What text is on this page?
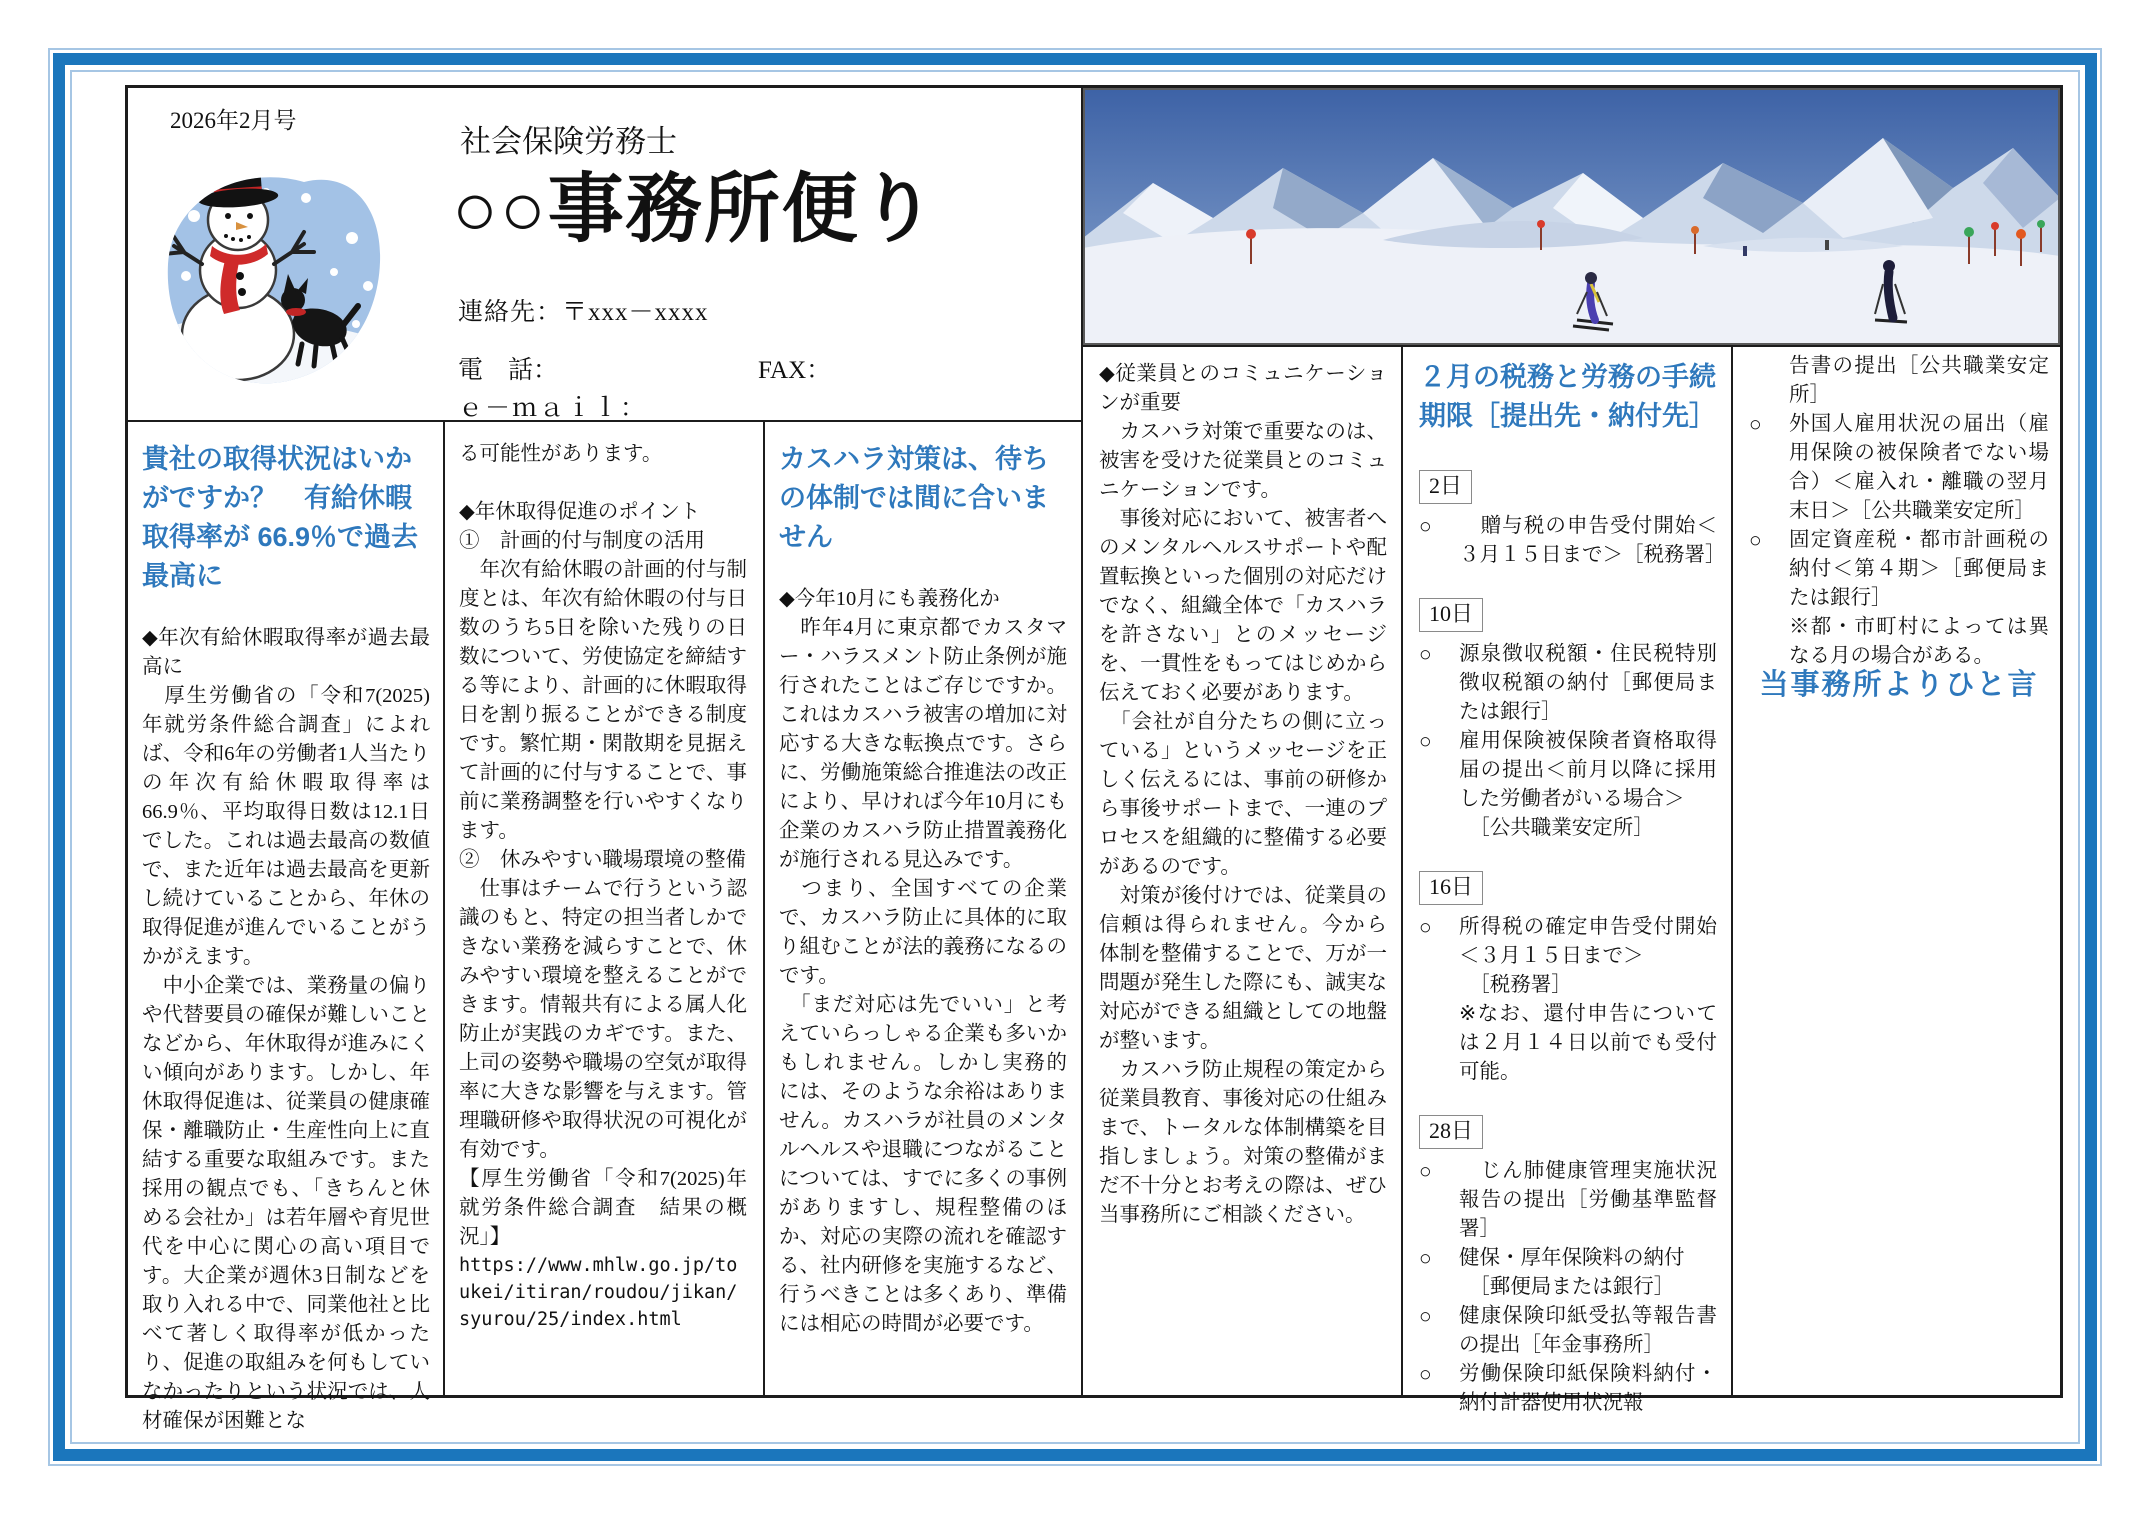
2026年2月号
社会保険労務士
○○事務所便り
連絡先：〒xxx－xxxx
電　話：	FAX：
ｅ－ｍａｉｌ：
貴社の取得状況はいかがですか？　有給休暇取得率が 66.9％で過去最高に

◆年次有給休暇取得率が過去最高に

　厚生労働省の「令和7(2025)年就労条件総合調査」によれば、令和6年の労働者1人当たりの年次有給休暇取得率は66.9％、平均取得日数は12.1日でした。これは過去最高の数値で、また近年は過去最高を更新し続けていることから、年休の取得促進が進んでいることがうかがえます。

　中小企業では、業務量の偏りや代替要員の確保が難しいことなどから、年休取得が進みにくい傾向があります。しかし、年休取得促進は、従業員の健康確保・離職防止・生産性向上に直結する重要な取組みです。また採用の観点でも、「きちんと休める会社か」は若年層や育児世代を中心に関心の高い項目です。大企業が週休3日制などを取り入れる中で、同業他社と比べて著しく取得率が低かったり、促進の取組みを何もしていなかったりという状況では、人材確保が困難とな

る可能性があります。

◆年休取得促進のポイント

①　計画的付与制度の活用

　年次有給休暇の計画的付与制度とは、年次有給休暇の付与日数のうち5日を除いた残りの日数について、労使協定を締結する等により、計画的に休暇取得日を割り振ることができる制度です。繁忙期・閑散期を見据えて計画的に付与することで、事前に業務調整を行いやすくなります。

②　休みやすい職場環境の整備

　仕事はチームで行うという認識のもと、特定の担当者しかできない業務を減らすことで、休みやすい環境を整えることができます。情報共有による属人化防止が実践のカギです。また、上司の姿勢や職場の空気が取得率に大きな影響を与えます。管理職研修や取得状況の可視化が有効です。

【厚生労働省「令和7(2025)年就労条件総合調査　結果の概況」】

https://www.mhlw.go.jp/toukei/itiran/roudou/jikan/syurou/25/index.html

カスハラ対策は、待ちの体制では間に合いません

◆今年10月にも義務化か

　昨年4月に東京都でカスタマー・ハラスメント防止条例が施行されたことはご存じですか。これはカスハラ被害の増加に対応する大きな転換点です。さらに、労働施策総合推進法の改正により、早ければ今年10月にも企業のカスハラ防止措置義務化が施行される見込みです。

　つまり、全国すべての企業で、カスハラ防止に具体的に取り組むことが法的義務になるのです。

　「まだ対応は先でいい」と考えていらっしゃる企業も多いかもしれません。しかし実務的には、そのような余裕はありません。カスハラが社員のメンタルヘルスや退職につながることについては、すでに多くの事例がありますし、規程整備のほか、対応の実際の流れを確認する、社内研修を実施するなど、行うべきことは多くあり、準備には相応の時間が必要です。

◆従業員とのコミュニケーションが重要

　カスハラ対策で重要なのは、被害を受けた従業員とのコミュニケーションです。

　事後対応において、被害者へのメンタルヘルスサポートや配置転換といった個別の対応だけでなく、組織全体で「カスハラを許さない」とのメッセージを、一貫性をもってはじめから伝えておく必要があります。

　「会社が自分たちの側に立っている」というメッセージを正しく伝えるには、事前の研修から事後サポートまで、一連のプロセスを組織的に整備する必要があるのです。

　対策が後付けでは、従業員の信頼は得られません。今から体制を整備することで、万が一問題が発生した際にも、誠実な対応ができる組織としての地盤が整います。

　カスハラ防止規程の策定から従業員教育、事後対応の仕組みまで、トータルな体制構築を目指しましょう。対策の整備がまだ不十分とお考えの際は、ぜひ当事務所にご相談ください。

２月の税務と労務の手続期限［提出先・納付先］
2日
○	　贈与税の申告受付開始＜３月１５日まで＞［税務署］
10日
○	源泉徴収税額・住民税特別徴収税額の納付［郵便局または銀行］
○	雇用保険被保険者資格取得届の提出＜前月以降に採用した労働者がいる場合＞
　［公共職業安定所］
16日
○	所得税の確定申告受付開始＜３月１５日まで＞
　［税務署］
※なお、還付申告については２月１４日以前でも受付可能。
28日
○	　じん肺健康管理実施状況報告の提出［労働基準監督署］
○	健保・厚年保険料の納付
　［郵便局または銀行］
○	健康保険印紙受払等報告書の提出［年金事務所］
○	労働保険印紙保険料納付・納付計器使用状況報

告書の提出［公共職業安定所］

○	外国人雇用状況の届出（雇用保険の被保険者でない場合）＜雇入れ・離職の翌月末日＞［公共職業安定所］
○	固定資産税・都市計画税の納付＜第４期＞［郵便局または銀行］
※都・市町村によっては異なる月の場合がある。

当事務所よりひと言
